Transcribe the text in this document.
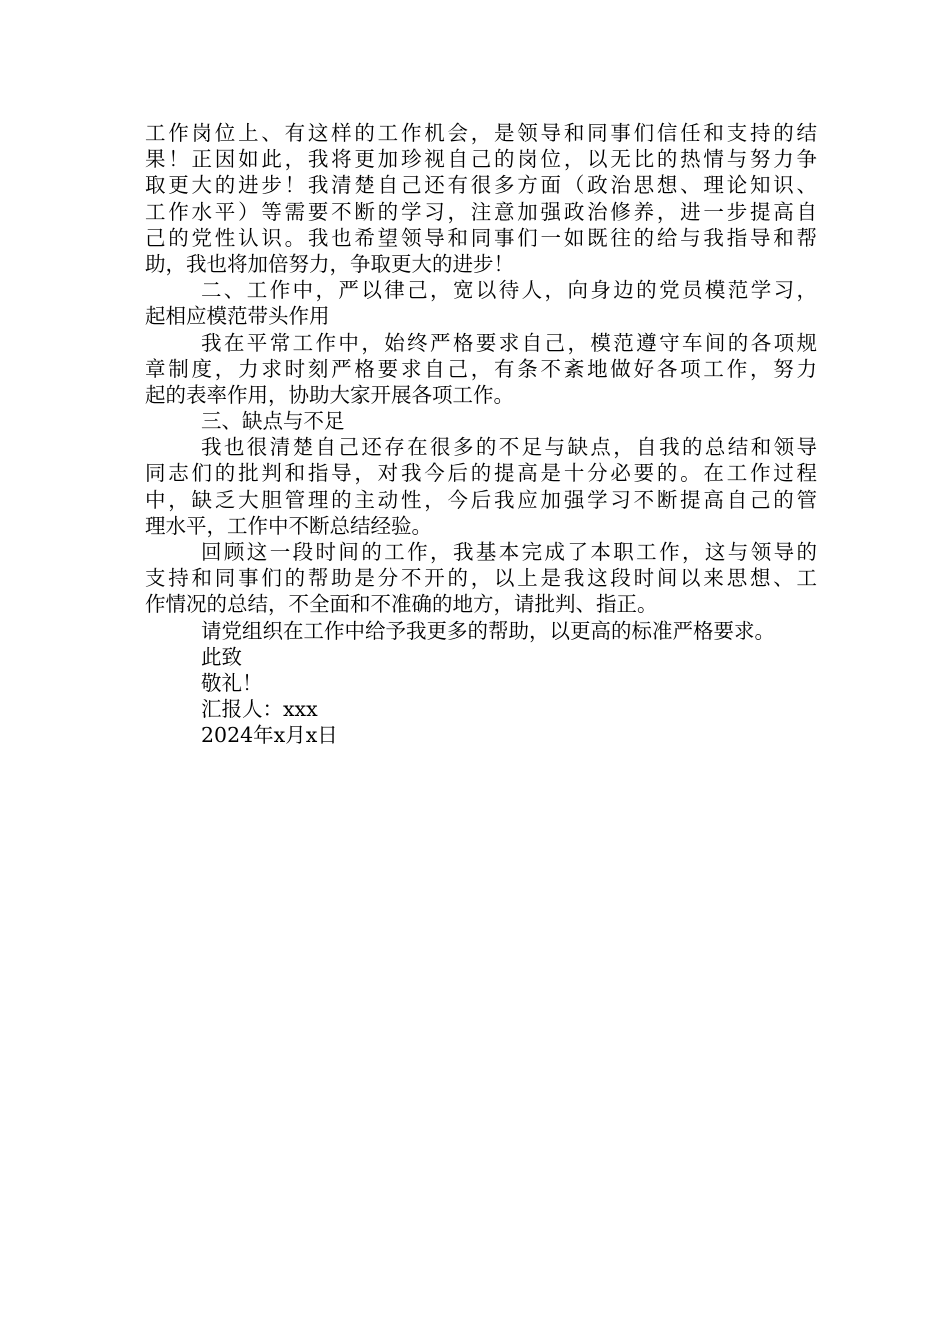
工作岗位上、有这样的工作机会，是领导和同事们信任和支持的结
果！正因如此，我将更加珍视自己的岗位，以无比的热情与努力争
取更大的进步！我清楚自己还有很多方面（政治思想、理论知识、
工作水平）等需要不断的学习，注意加强政治修养，进一步提高自
己的党性认识。我也希望领导和同事们一如既往的给与我指导和帮
助，我也将加倍努力，争取更大的进步！
二、工作中，严以律己，宽以待人，向身边的党员模范学习，
起相应模范带头作用
我在平常工作中，始终严格要求自己，模范遵守车间的各项规
章制度，力求时刻严格要求自己，有条不紊地做好各项工作，努力
起的表率作用，协助大家开展各项工作。
三、缺点与不足
我也很清楚自己还存在很多的不足与缺点，自我的总结和领导
同志们的批判和指导，对我今后的提高是十分必要的。在工作过程
中，缺乏大胆管理的主动性，今后我应加强学习不断提高自己的管
理水平，工作中不断总结经验。
回顾这一段时间的工作，我基本完成了本职工作，这与领导的
支持和同事们的帮助是分不开的，以上是我这段时间以来思想、工
作情况的总结，不全面和不准确的地方，请批判、指正。
请党组织在工作中给予我更多的帮助，以更高的标准严格要求。
此致
敬礼！
汇报人：xxx
2024年x月x日
